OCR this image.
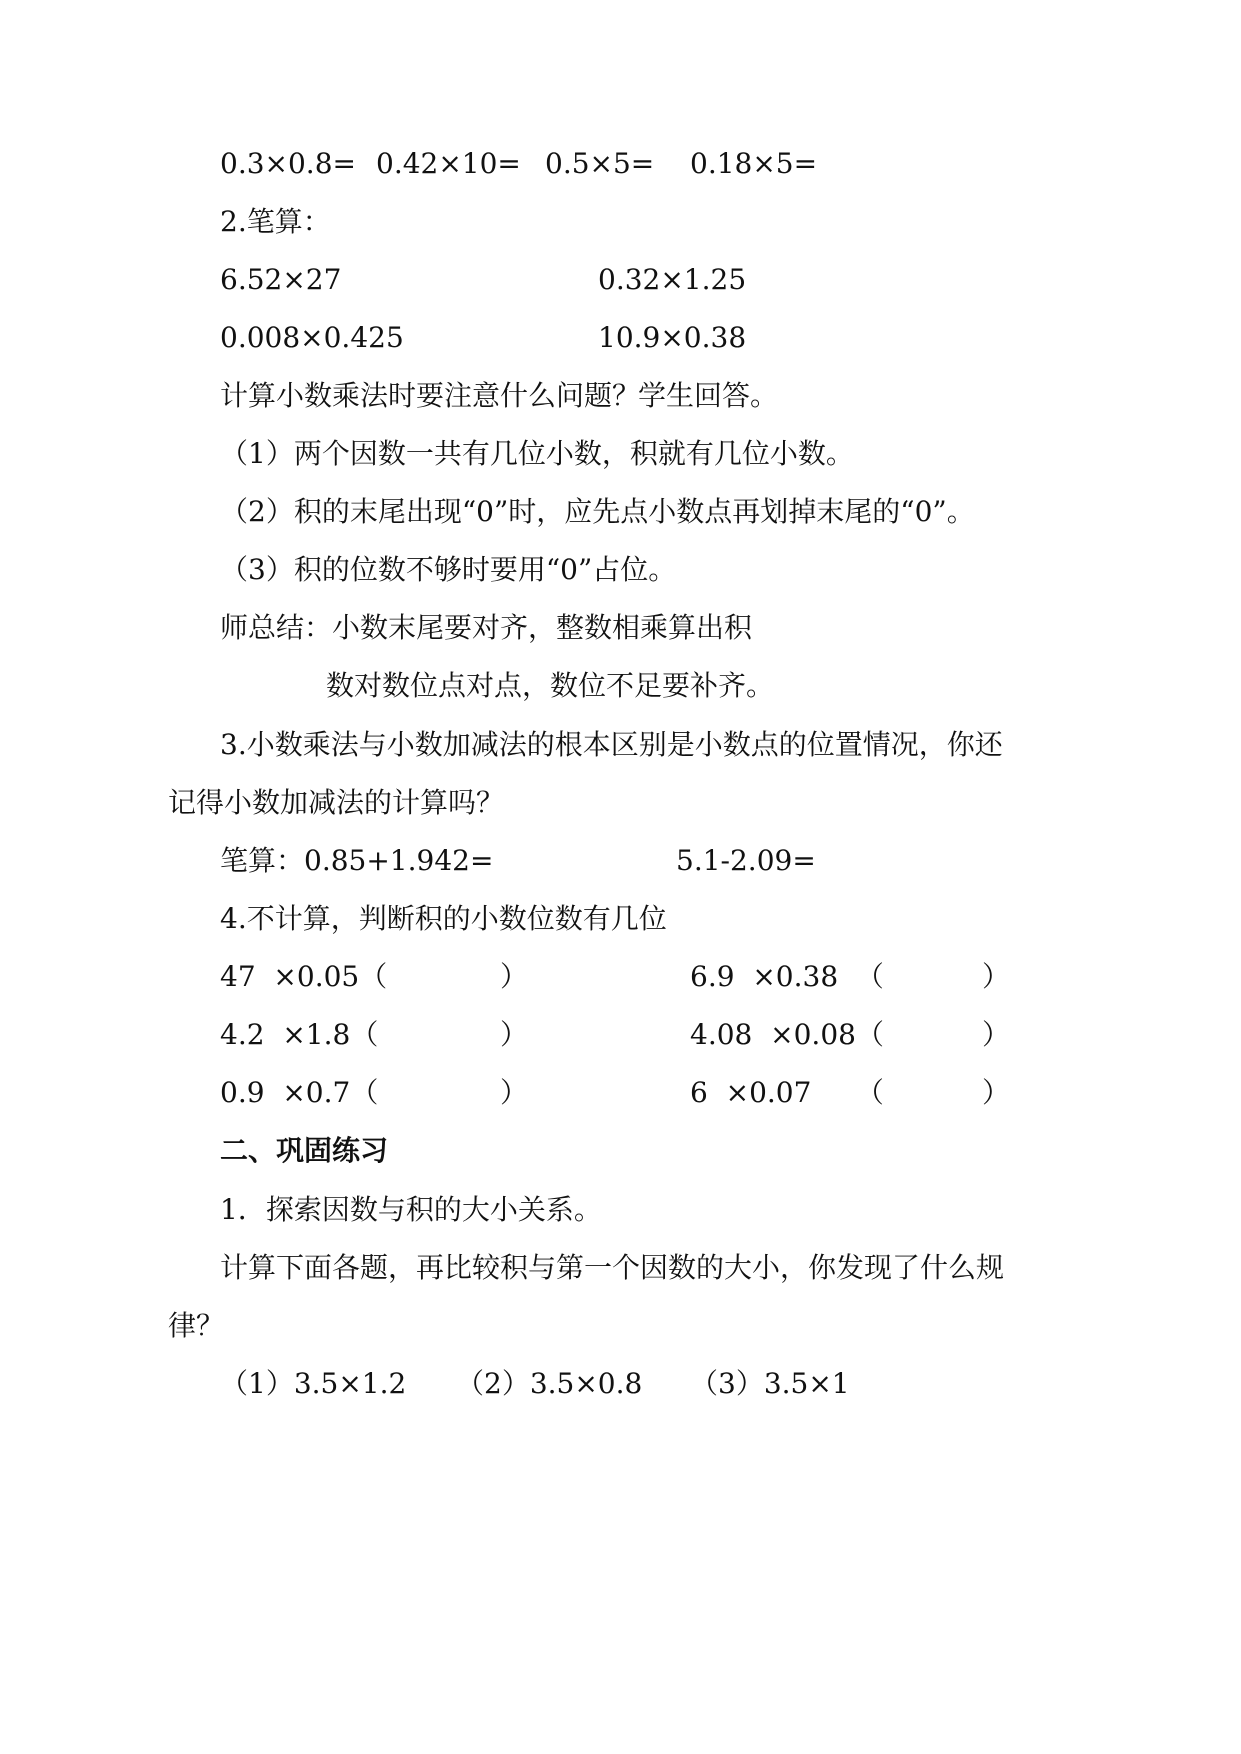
0.3×0.8= 0.42×10= 0.5×5= 0.18×5=
2.笔算：
6.52×27	0.32×1.25
0.008×0.425	10.9×0.38
计算小数乘法时要注意什么问题？
学生回答。
（1）两个因数一共有几位小数，积就有几位小数。
（2）积的末尾出现“0”时，应先点小数点再划掉末尾的“0”。
（3）积的位数不够时要用“0”占位。
师总结：小数末尾要对齐，整数相乘算出积
数对数位点对点，数位不足要补齐。
3.小数乘法与小数加减法的根本区别是小数点的位置情况，你还
记得小数加减法的计算吗？
笔算：0.85+1.942=	5.1-2.09=
4.不计算，判断积的小数位数有几位
47  ×0.05（	）	6.9  ×0.38  （	）
4.2  ×1.8（	）	4.08  ×0.08（	）
0.9  ×0.7（	）	6  ×0.07     （	）
二、巩固练习
1．探索因数与积的大小关系。
计算下面各题，再比较积与第一个因数的大小，你发现了什么规
律？
（1）3.5×1.2 （2）3.5×0.8 （3）3.5×1
